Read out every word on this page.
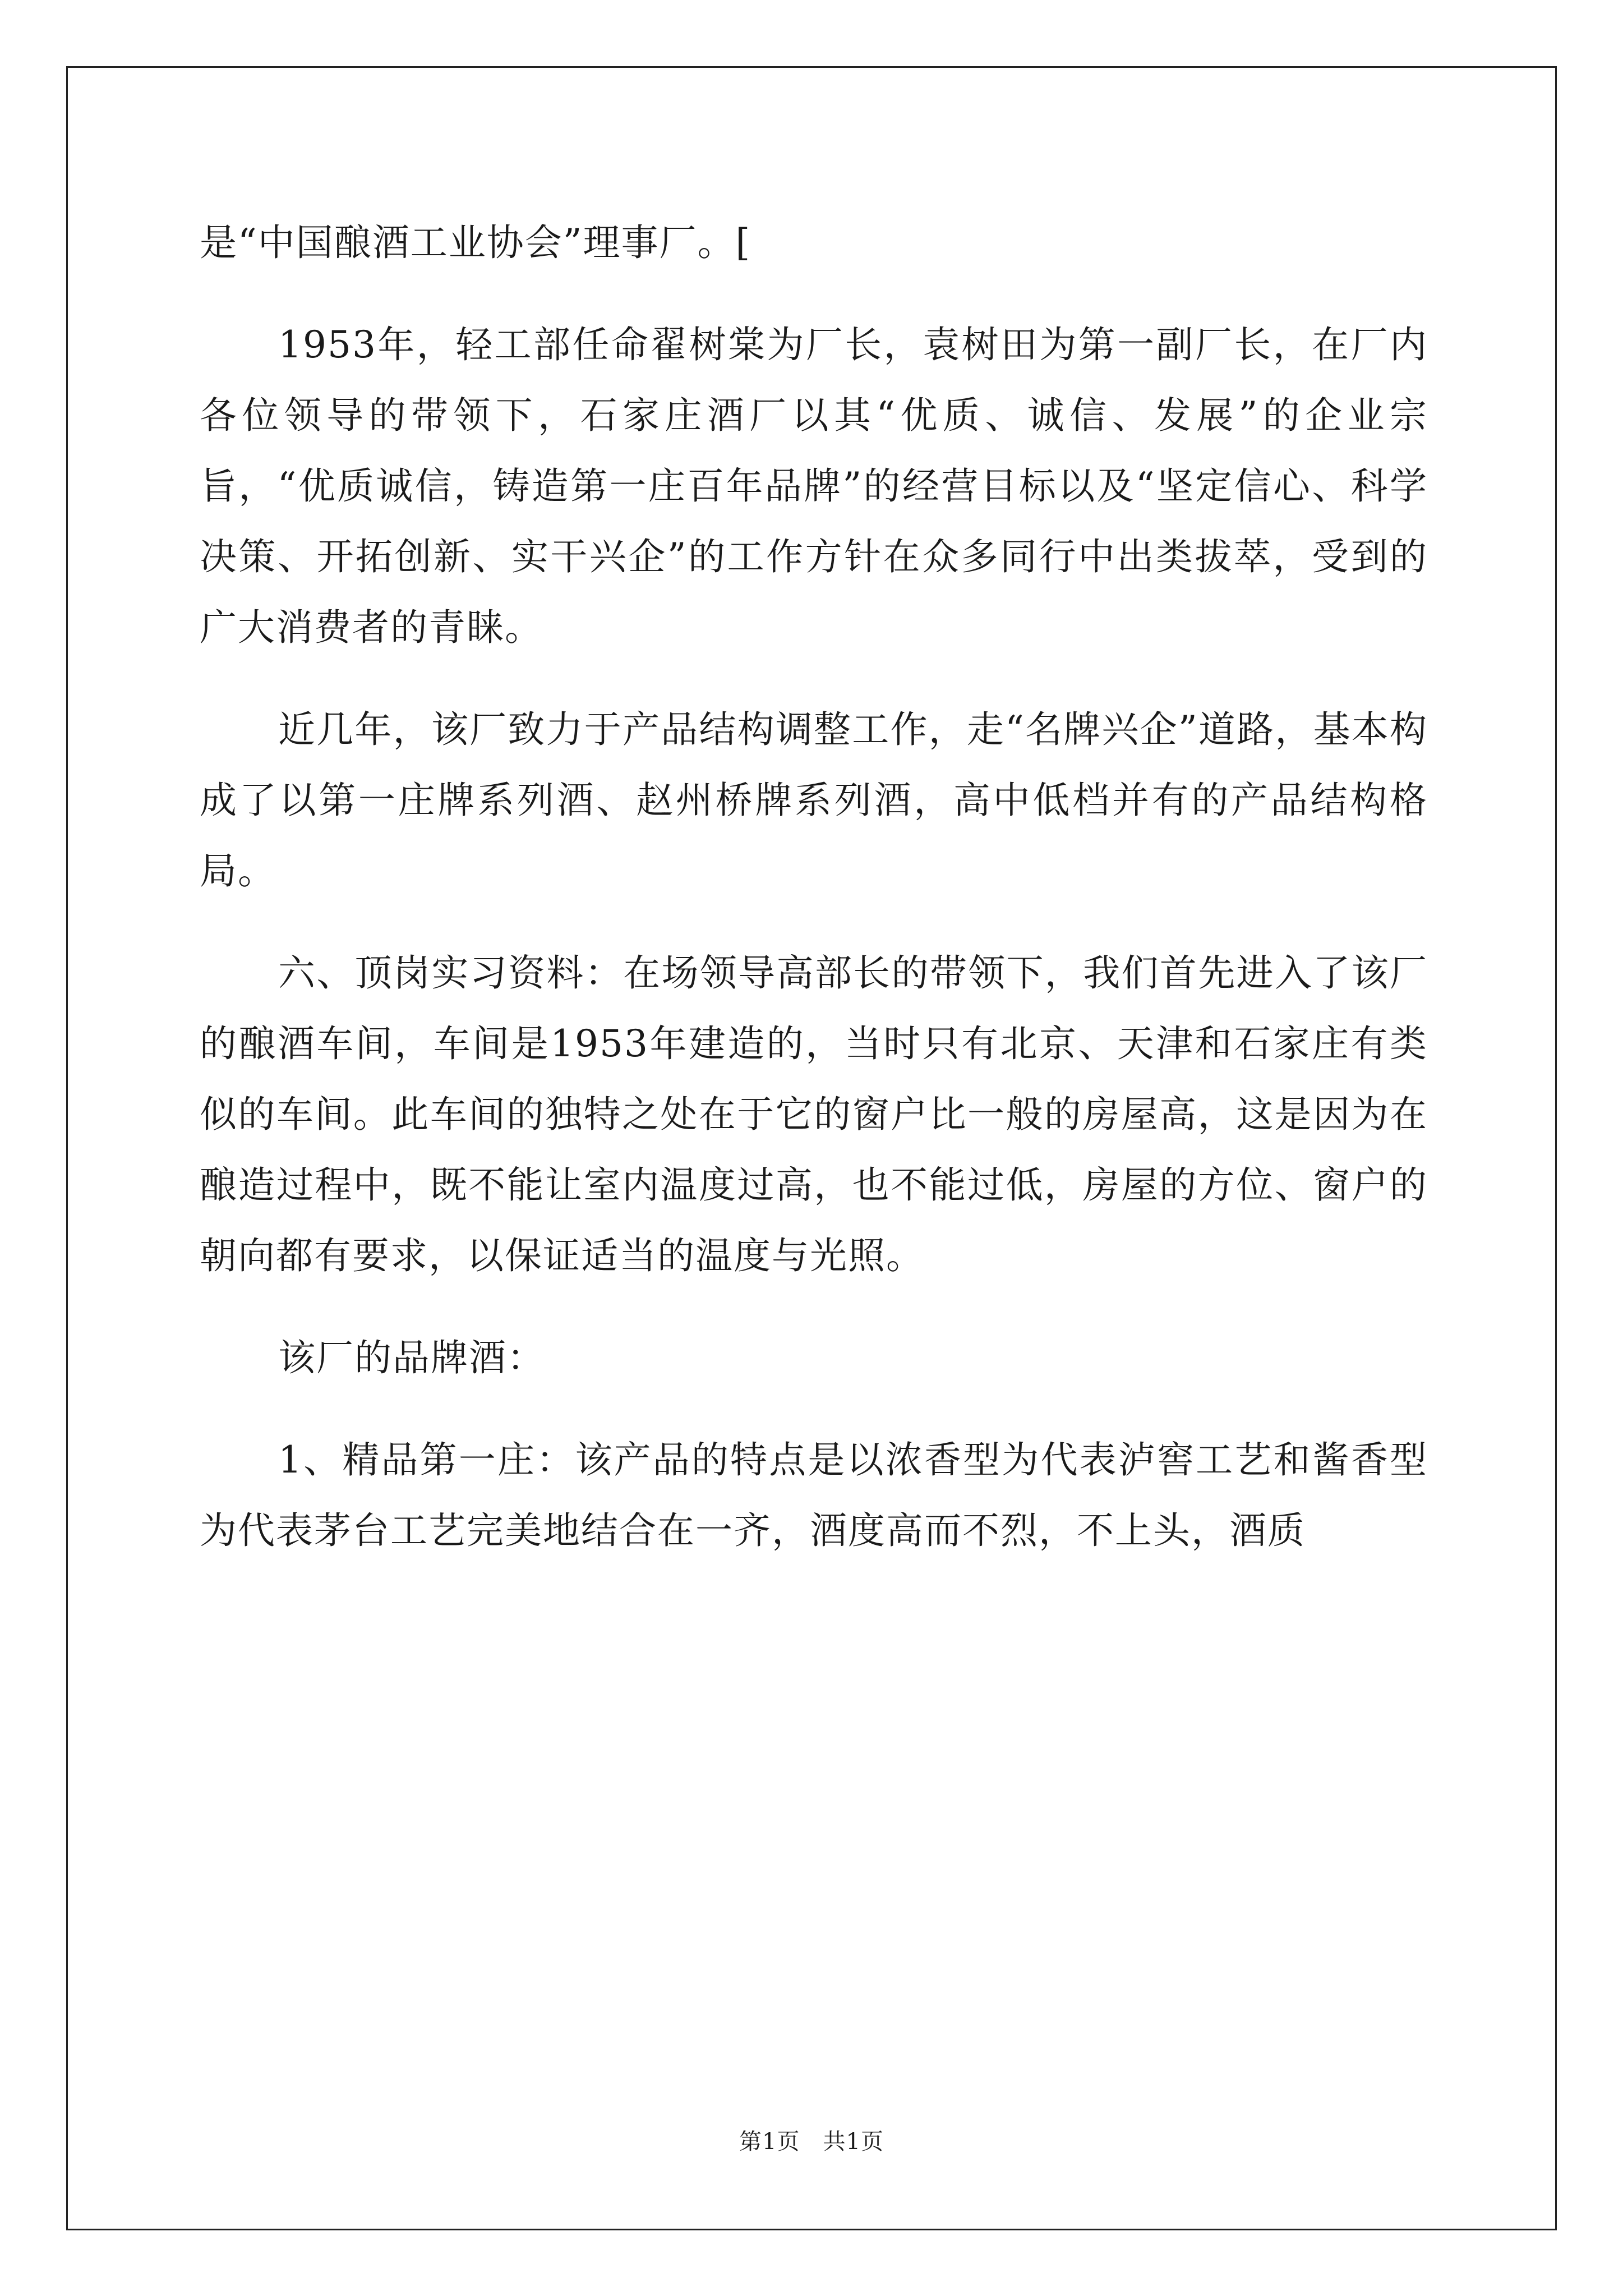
是“中国酿酒工业协会”理事厂。[

1953年，轻工部任命翟树棠为厂长，袁树田为第一副厂长，在厂内各位领导的带领下，石家庄酒厂以其“优质、诚信、发展”的企业宗旨，“优质诚信，铸造第一庄百年品牌”的经营目标以及“坚定信心、科学决策、开拓创新、实干兴企”的工作方针在众多同行中出类拔萃，受到的广大消费者的青睐。

近几年，该厂致力于产品结构调整工作，走“名牌兴企”道路，基本构成了以第一庄牌系列酒、赵州桥牌系列酒，高中低档并有的产品结构格局。

六、顶岗实习资料：在场领导高部长的带领下，我们首先进入了该厂的酿酒车间，车间是1953年建造的，当时只有北京、天津和石家庄有类似的车间。此车间的独特之处在于它的窗户比一般的房屋高，这是因为在酿造过程中，既不能让室内温度过高，也不能过低，房屋的方位、窗户的朝向都有要求，以保证适当的温度与光照。

该厂的品牌酒：

1、精品第一庄：该产品的特点是以浓香型为代表泸窖工艺和酱香型为代表茅台工艺完美地结合在一齐，酒度高而不烈，不上头，酒质

第1页　共1页
